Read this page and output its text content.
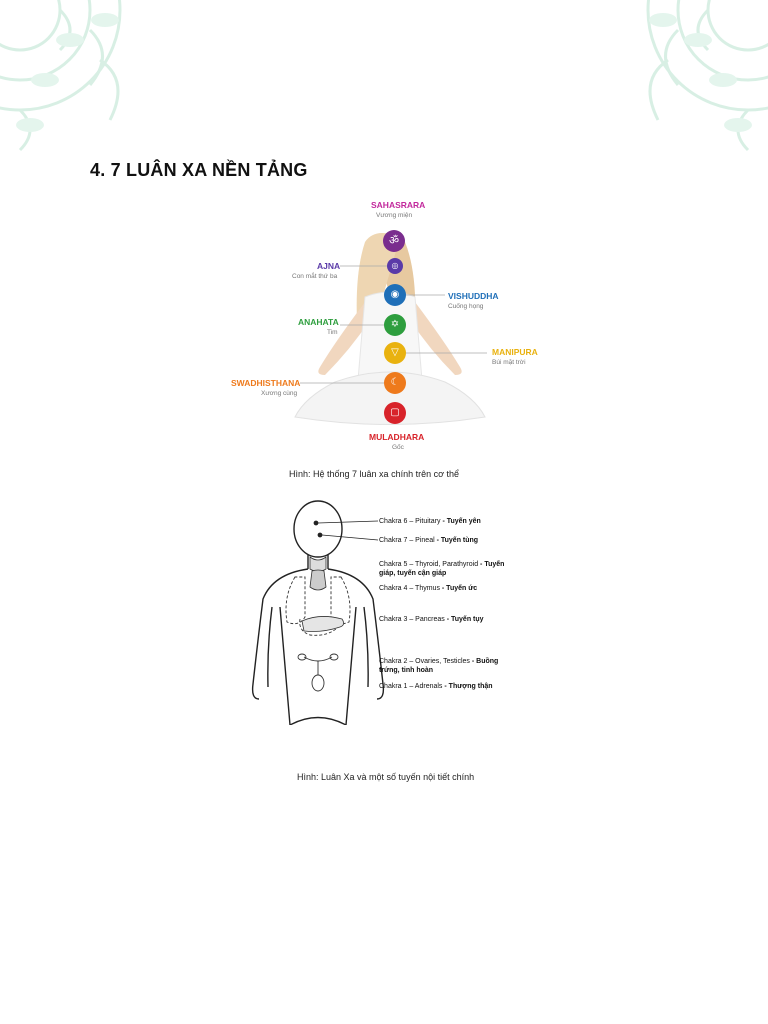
4. 7 LUÂN XA NỀN TẢNG
ॐ
◎
◉
✡
▽
☾
▢
SAHASRARA
Vương miện
AJNA
Con mắt thứ ba
VISHUDDHA
Cuống họng
ANAHATA
Tim
MANIPURA
Búi mặt trời
SWADHISTHANA
Xương cùng
MULADHARA
Gốc
Hình: Hệ thống 7 luân xa chính trên cơ thể
Chakra 6 – Pituitary - Tuyến yên
Chakra 7 – Pineal - Tuyến tùng
Chakra 5 – Thyroid, Parathyroid - Tuyến giáp, tuyến cận giáp
Chakra 4 – Thymus - Tuyến ức
Chakra 3 – Pancreas - Tuyến tụy
Chakra 2 – Ovaries, Testicles - Buồng trứng, tinh hoàn
Chakra 1 – Adrenals - Thượng thận
Hình: Luân Xa và một số tuyến nội tiết chính
